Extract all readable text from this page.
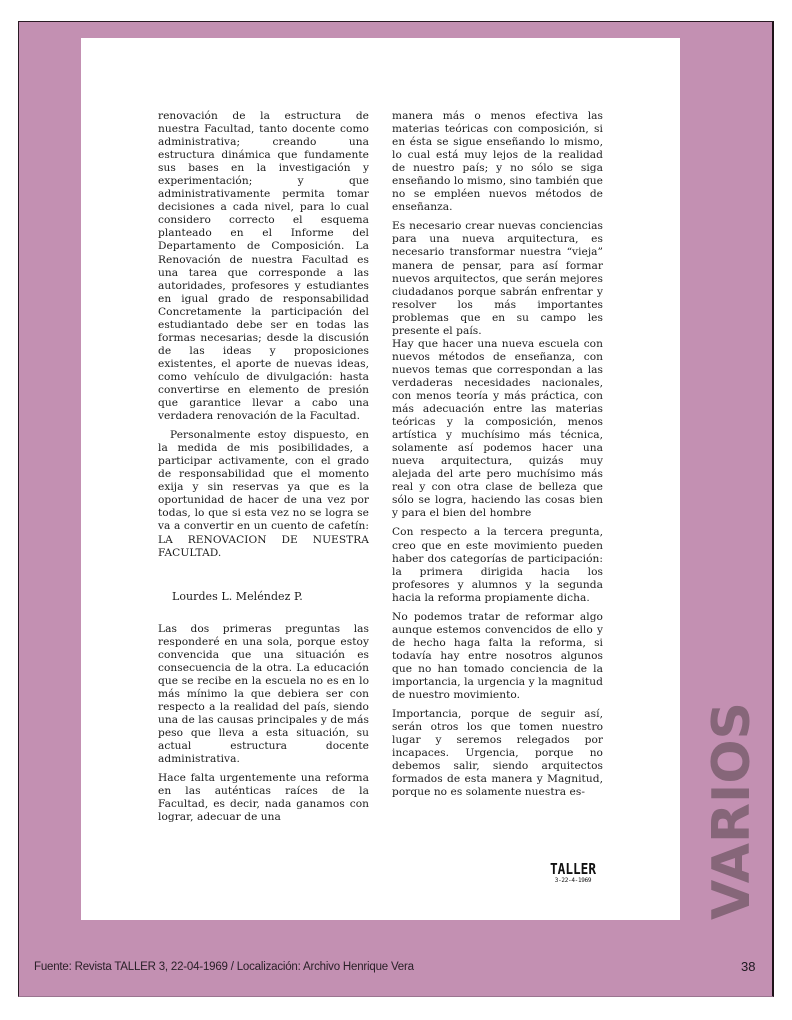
renovación de la estructura de nuestra Facultad, tanto docente como administrativa; creando una estructura dinámica que fundamente sus bases en la investigación y experimentación; y que administrativamente permita tomar decisiones a cada nivel, para lo cual considero correcto el esquema planteado en el Informe del Departamento de Composición. La Renovación de nuestra Facultad es una tarea que corresponde a las autoridades, profesores y estudiantes en igual grado de responsabilidad Concretamente la participación del estudiantado debe ser en todas las formas necesarias; desde la discusión de las ideas y proposiciones existentes, el aporte de nuevas ideas, como vehículo de divulgación: hasta convertirse en elemento de presión que garantice llevar a cabo una verdadera renovación de la Facultad.

Personalmente estoy dispuesto, en la medida de mis posibilidades, a participar activamente, con el grado de responsabilidad que el momento exija y sin reservas ya que es la oportunidad de hacer de una vez por todas, lo que si esta vez no se logra se va a convertir en un cuento de cafetín: LA RENOVACION DE NUESTRA FACULTAD.

Lourdes L. Meléndez P.

Las dos primeras preguntas las responderé en una sola, porque estoy convencida que una situación es consecuencia de la otra. La educación que se recibe en la escuela no es en lo más mínimo la que debiera ser con respecto a la realidad del país, siendo una de las causas principales y de más peso que lleva a esta situación, su actual estructura docente administrativa.

Hace falta urgentemente una reforma en las auténticas raíces de la Facultad, es decir, nada ganamos con lograr, adecuar de una

manera más o menos efectiva las materias teóricas con composición, si en ésta se sigue enseñando lo mismo, lo cual está muy lejos de la realidad de nuestro país; y no sólo se siga enseñando lo mismo, sino también que no se empléen nuevos métodos de enseñanza.

Es necesario crear nuevas conciencias para una nueva arquitectura, es necesario transformar nuestra “vieja” manera de pensar, para así formar nuevos arquitectos, que serán mejores ciudadanos porque sabrán enfrentar y resolver los más importantes problemas que en su campo les presente el país.

Hay que hacer una nueva escuela con nuevos métodos de enseñanza, con nuevos temas que correspondan a las verdaderas necesidades nacionales, con menos teoría y más práctica, con más adecuación entre las materias teóricas y la composición, menos artística y muchísimo más técnica, solamente así podemos hacer una nueva arquitectura, quizás muy alejada del arte pero muchísimo más real y con otra clase de belleza que sólo se logra, haciendo las cosas bien y para el bien del hombre

Con respecto a la tercera pregunta, creo que en este movimiento pueden haber dos categorías de participación: la primera dirigida hacia los profesores y alumnos y la segunda hacia la reforma propiamente dicha.

No podemos tratar de reformar algo aunque estemos convencidos de ello y de hecho haga falta la reforma, si todavía hay entre nosotros algunos que no han tomado conciencia de la importancia, la urgencia y la magnitud de nuestro movimiento.

Importancia, porque de seguir así, serán otros los que tomen nuestro lugar y seremos relegados por incapaces. Urgencia, porque no debemos salir, siendo arquitectos formados de esta manera y Magnitud, porque no es solamente nuestra es-

TALLER
3-22-4-1969 VARIOS
Fuente: Revista TALLER 3, 22-04-1969 / Localización: Archivo Henrique Vera	38
